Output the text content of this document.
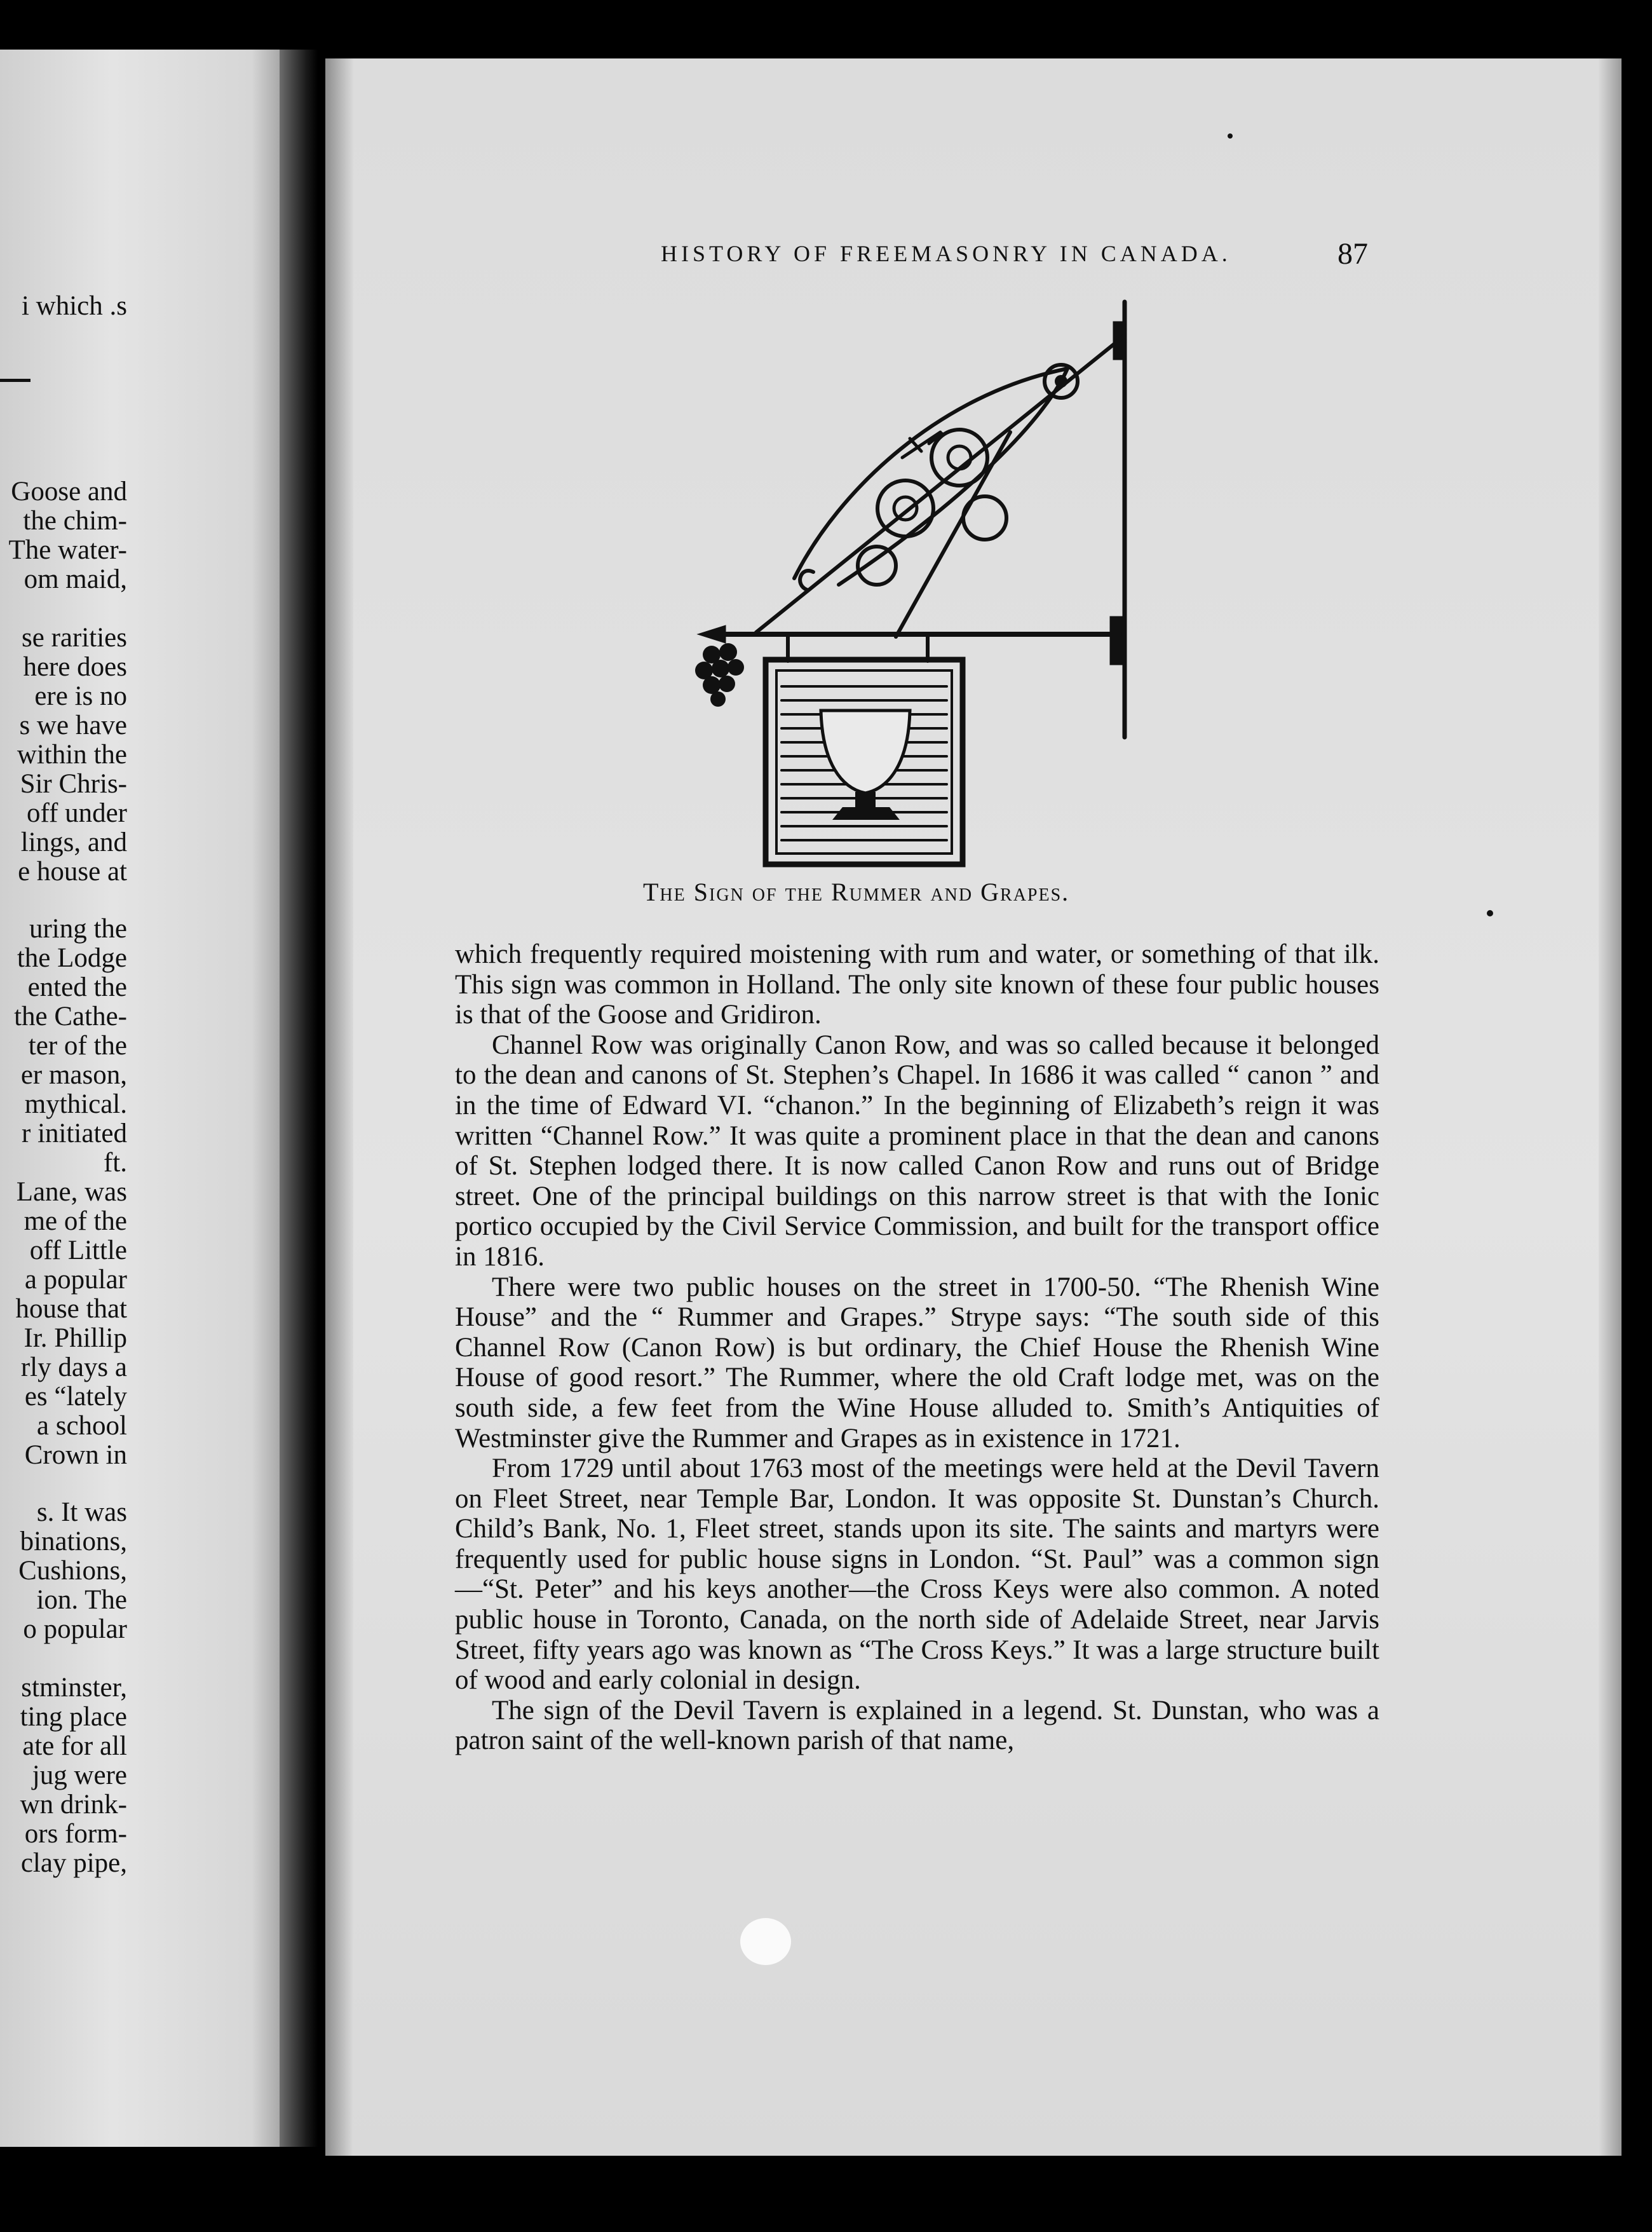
i which .s
Goose and
the chim-
The water-
om maid,
se rarities
here does
ere is no
s we have
within the
Sir Chris-
off under
lings, and
e house at
uring the
the Lodge
ented the
the Cathe-
ter of the
er mason,
mythical.
r initiated
ft.
Lane, was
me of the
off Little
a popular
house that
Ir. Phillip
rly days a
es “lately
a school
Crown in
s. It was
binations,
Cushions,
ion. The
o popular
stminster,
ting place
ate for all
jug were
wn drink-
ors form-
clay pipe,
HISTORY OF FREEMASONRY IN CANADA.	87
The Sign of the Rummer and Grapes.

which frequently required moistening with rum and water, or something of that ilk. This sign was common in Holland. The only site known of these four public houses is that of the Goose and Gridiron.

Channel Row was originally Canon Row, and was so called because it belonged to the dean and canons of St. Stephen’s Chapel. In 1686 it was called “ canon ” and in the time of Edward VI. “chanon.” In the beginning of Elizabeth’s reign it was written “Channel Row.” It was quite a prominent place in that the dean and canons of St. Stephen lodged there. It is now called Canon Row and runs out of Bridge street. One of the principal buildings on this narrow street is that with the Ionic portico occupied by the Civil Service Commission, and built for the transport office in 1816.

There were two public houses on the street in 1700-50. “The Rhenish Wine House” and the “ Rummer and Grapes.” Strype says: “The south side of this Channel Row (Canon Row) is but ordinary, the Chief House the Rhenish Wine House of good resort.” The Rummer, where the old Craft lodge met, was on the south side, a few feet from the Wine House alluded to. Smith’s Antiquities of Westminster give the Rummer and Grapes as in existence in 1721.

From 1729 until about 1763 most of the meetings were held at the Devil Tavern on Fleet Street, near Temple Bar, London. It was opposite St. Dunstan’s Church. Child’s Bank, No. 1, Fleet street, stands upon its site. The saints and martyrs were frequently used for public house signs in London. “St. Paul” was a common sign—“St. Peter” and his keys another—the Cross Keys were also common. A noted public house in Toronto, Canada, on the north side of Adelaide Street, near Jarvis Street, fifty years ago was known as “The Cross Keys.” It was a large structure built of wood and early colonial in design.

The sign of the Devil Tavern is explained in a legend. St. Dunstan, who was a patron saint of the well-known parish of that name,
